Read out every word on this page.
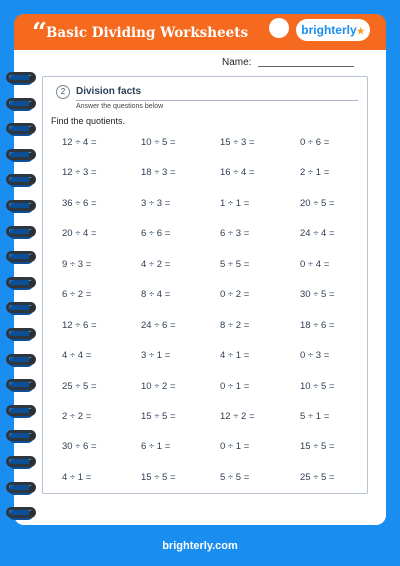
“ Basic Dividing Worksheets	brighterly★
Name:
2	Division facts
Answer the questions below
Find the quotients.
12 ÷ 4 =	10 ÷ 5 =	15 ÷ 3 =	0 ÷ 6 =
12 ÷ 3 =	18 ÷ 3 =	16 ÷ 4 =	2 ÷ 1 =
36 ÷ 6 =	3 ÷ 3 =	1 ÷ 1 =	20 ÷ 5 =
20 ÷ 4 =	6 ÷ 6 =	6 ÷ 3 =	24 ÷ 4 =
9 ÷ 3 =	4 ÷ 2 =	5 ÷ 5 =	0 ÷ 4 =
6 ÷ 2 =	8 ÷ 4 =	0 ÷ 2 =	30 ÷ 5 =
12 ÷ 6 =	24 ÷ 6 =	8 ÷ 2 =	18 ÷ 6 =
4 ÷ 4 =	3 ÷ 1 =	4 ÷ 1 =	0 ÷ 3 =
25 ÷ 5 =	10 ÷ 2 =	0 ÷ 1 =	10 ÷ 5 =
2 ÷ 2 =	15 ÷ 5 =	12 ÷ 2 =	5 ÷ 1 =
30 ÷ 6 =	6 ÷ 1 =	0 ÷ 1 =	15 ÷ 5 =
4 ÷ 1 =	15 ÷ 5 =	5 ÷ 5 =	25 ÷ 5 =
brighterly.com
